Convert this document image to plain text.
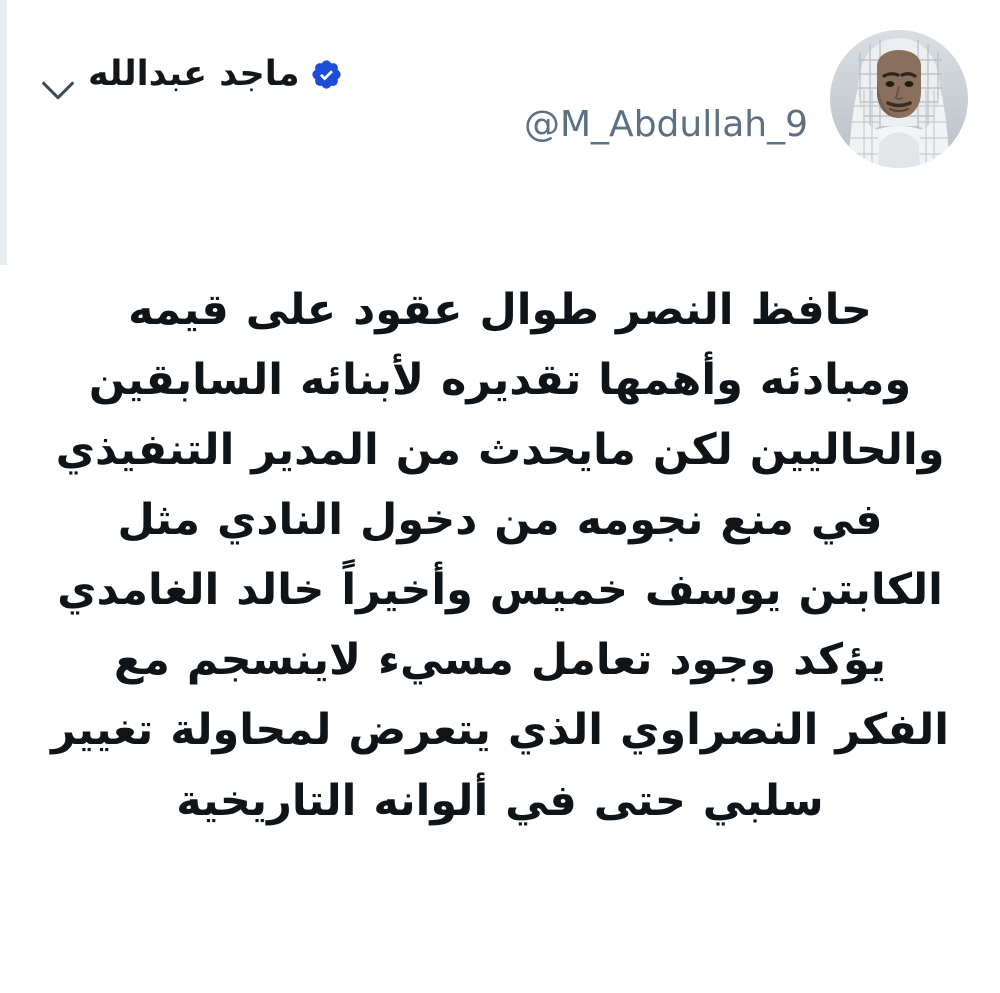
ماجد عبدالله
@M_Abdullah_9
حافظ النصر طوال عقود على قيمه ومبادئه وأهمها تقديره لأبنائه السابقين والحاليين لكن مايحدث من المدير التنفيذي في منع نجومه من دخول النادي مثل الكابتن يوسف خميس وأخيراً خالد الغامدي يؤكد وجود تعامل مسيء لاينسجم مع الفكر النصراوي الذي يتعرض لمحاولة تغيير سلبي حتى في ألوانه التاريخية
